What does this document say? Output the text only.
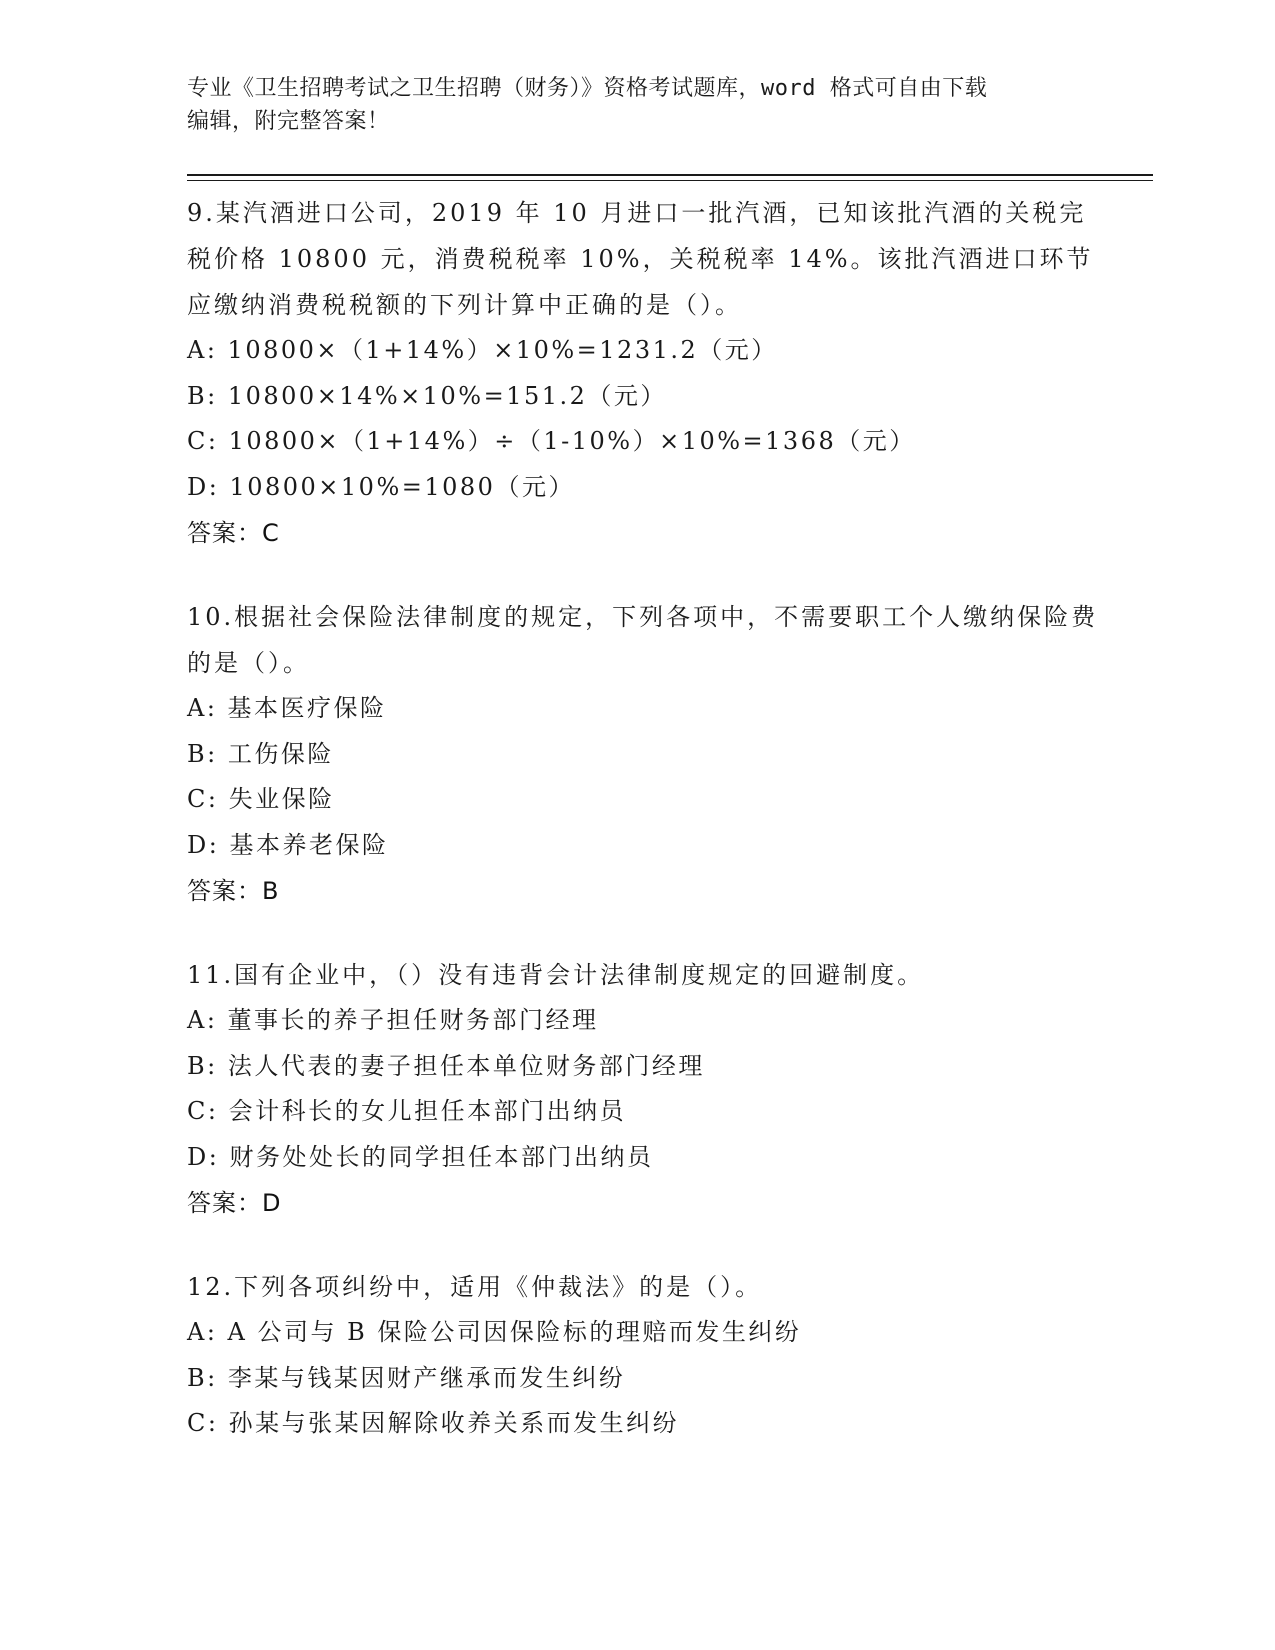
专业《卫生招聘考试之卫生招聘（财务）》资格考试题库，word 格式可自由下载
编辑，附完整答案！

9.某汽酒进口公司，2019 年 10 月进口一批汽酒，已知该批汽酒的关税完税价格 10800 元，消费税税率 10%，关税税率 14%。该批汽酒进口环节应缴纳消费税税额的下列计算中正确的是（）。

A: 10800×（1+14%）×10%=1231.2（元）

B: 10800×14%×10%=151.2（元）

C: 10800×（1+14%）÷（1-10%）×10%=1368（元）

D: 10800×10%=1080（元）

答案：C

10.根据社会保险法律制度的规定，下列各项中，不需要职工个人缴纳保险费的是（）。

A: 基本医疗保险

B: 工伤保险

C: 失业保险

D: 基本养老保险

答案：B

11.国有企业中，（）没有违背会计法律制度规定的回避制度。

A: 董事长的养子担任财务部门经理

B: 法人代表的妻子担任本单位财务部门经理

C: 会计科长的女儿担任本部门出纳员

D: 财务处处长的同学担任本部门出纳员

答案：D

12.下列各项纠纷中，适用《仲裁法》的是（）。

A: A 公司与 B 保险公司因保险标的理赔而发生纠纷

B: 李某与钱某因财产继承而发生纠纷

C: 孙某与张某因解除收养关系而发生纠纷
